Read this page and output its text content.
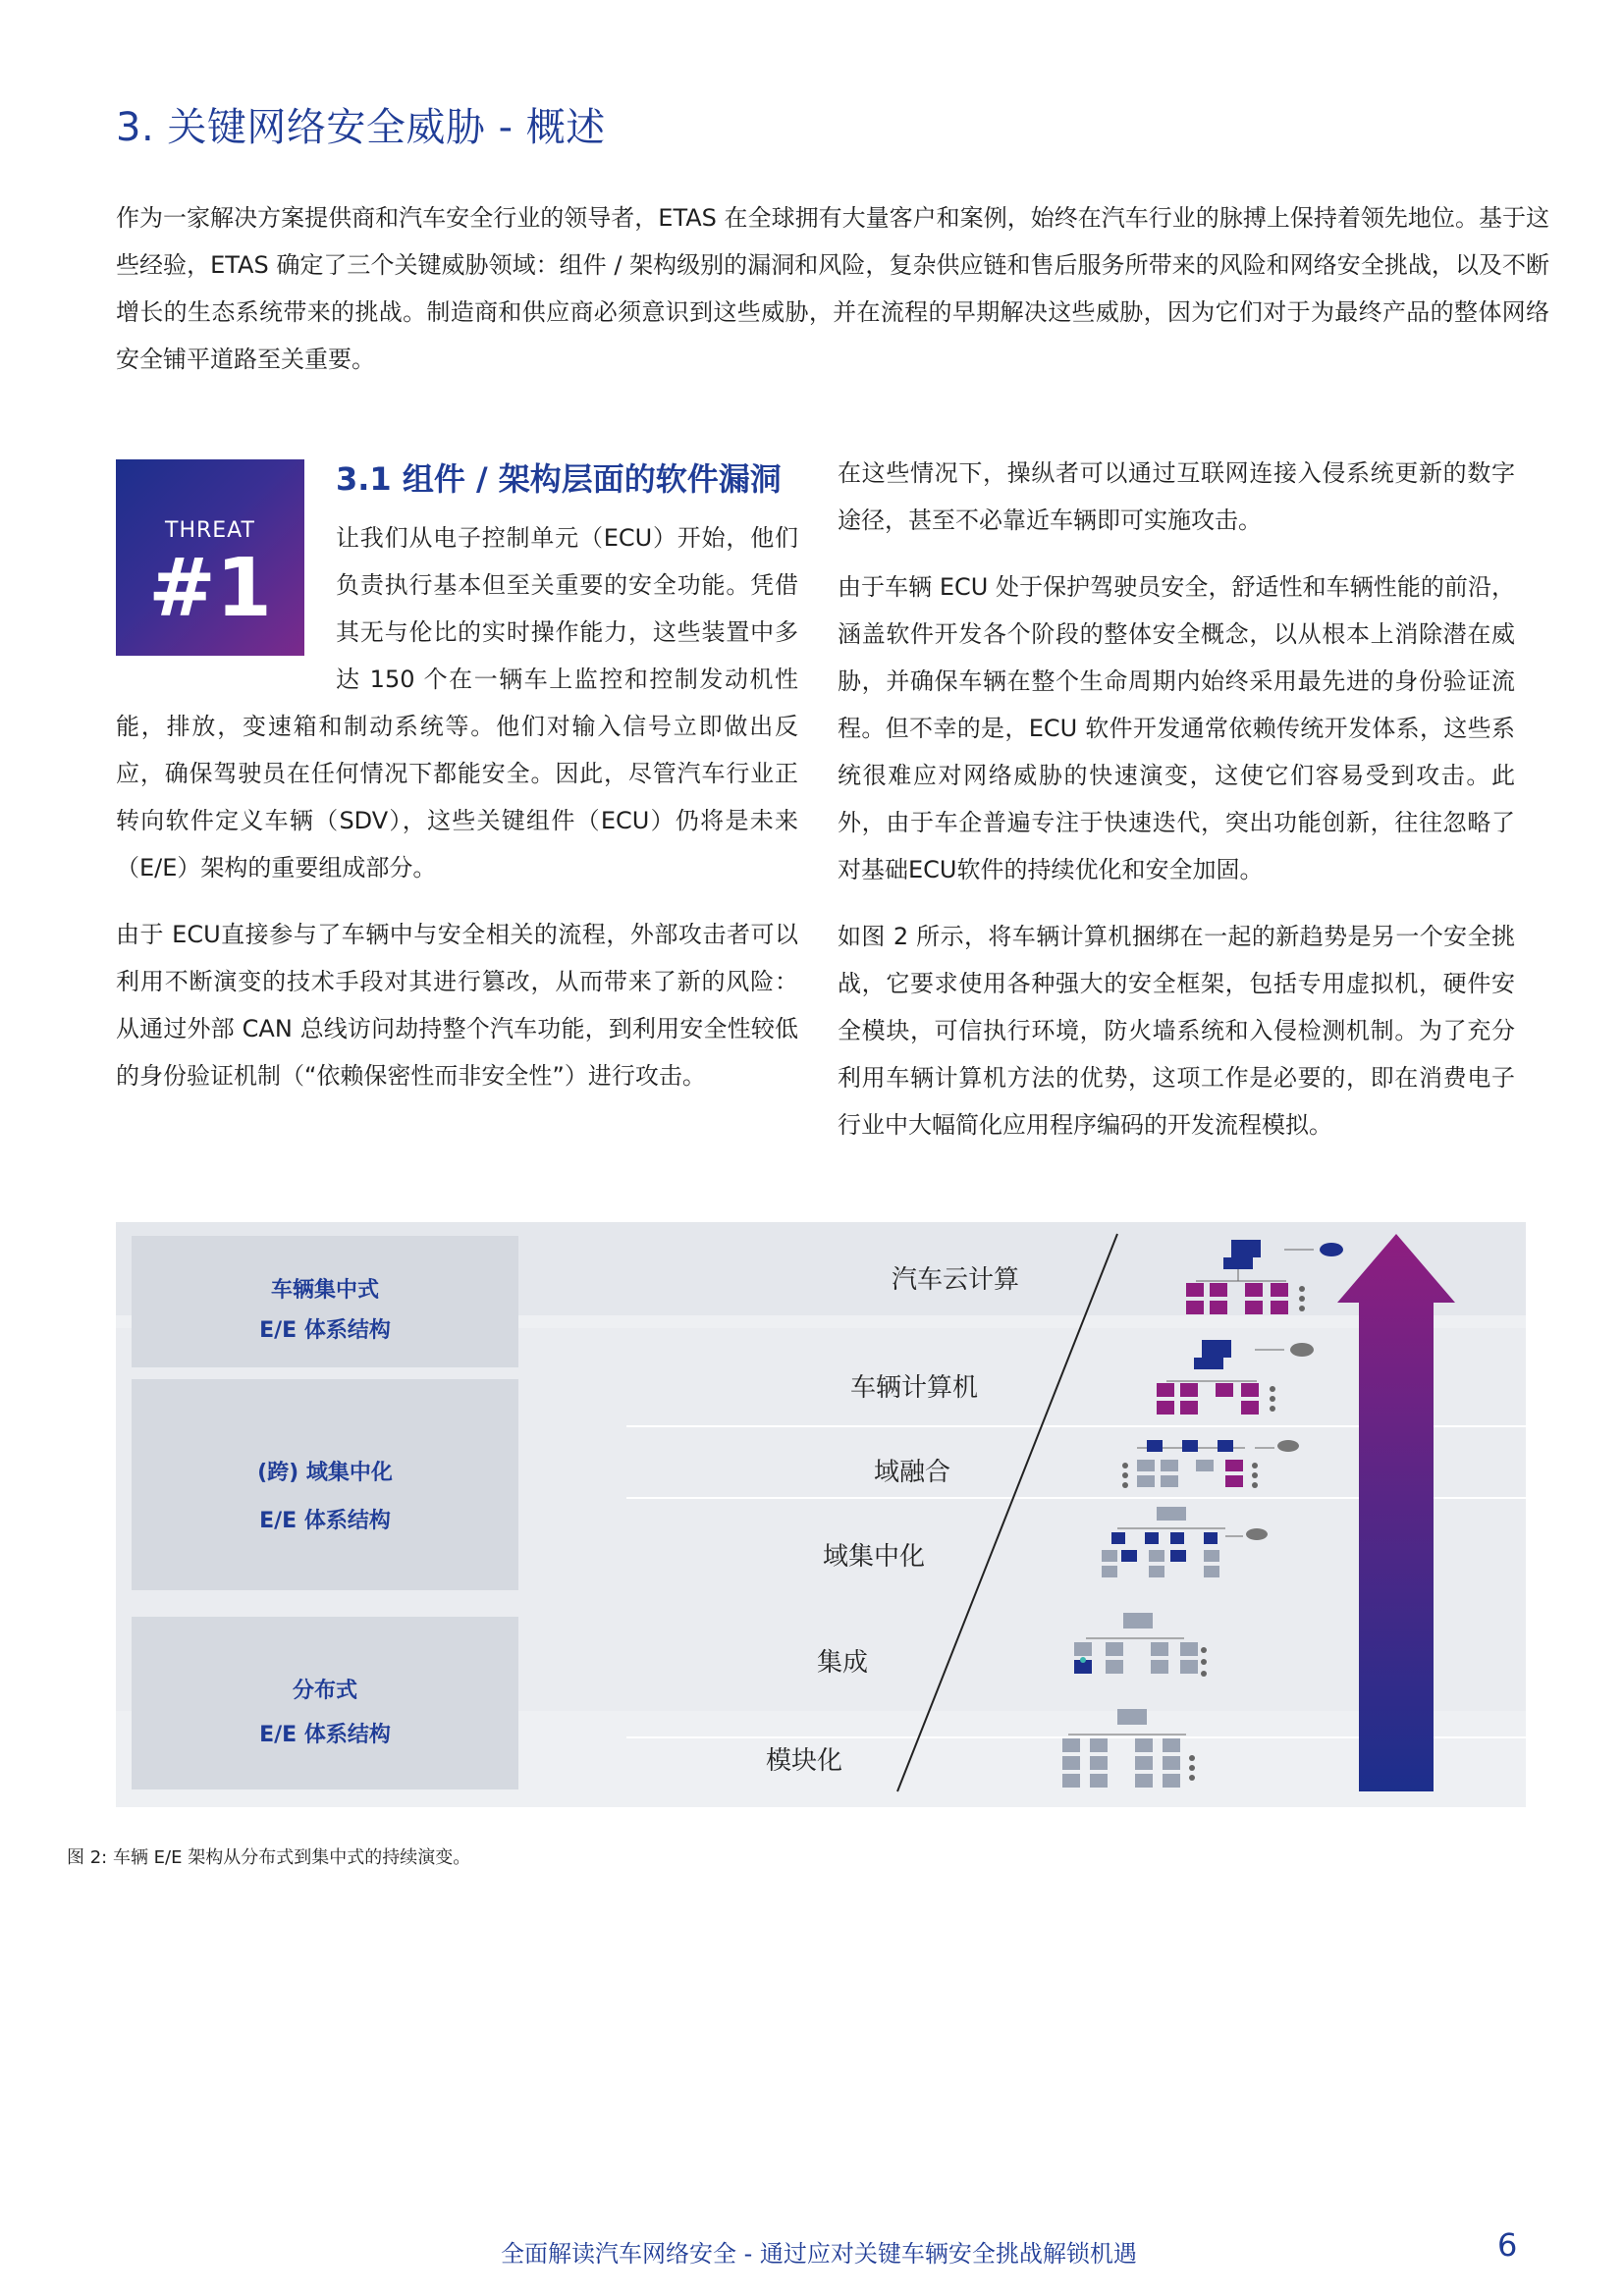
3. 关键网络安全威胁 - 概述

作为一家解决方案提供商和汽车安全行业的领导者，ETAS 在全球拥有大量客户和案例，始终在汽车行业的脉搏上保持着领先地位。基于这些经验，ETAS 确定了三个关键威胁领域：组件 / 架构级别的漏洞和风险，复杂供应链和售后服务所带来的风险和网络安全挑战，以及不断增长的生态系统带来的挑战。制造商和供应商必须意识到这些威胁，并在流程的早期解决这些威胁，因为它们对于为最终产品的整体网络安全铺平道路至关重要。

THREAT
#1
3.1 组件 / 架构层面的软件漏洞

让我们从电子控制单元（ECU）开始，他们负责执行基本但至关重要的安全功能。凭借其无与伦比的实时操作能力，这些装置中多达 150 个在一辆车上监控和控制发动机性能，排放，变速箱和制动系统等。他们对输入信号立即做出反应，确保驾驶员在任何情况下都能安全。因此，尽管汽车行业正转向软件定义车辆（SDV），这些关键组件（ECU）仍将是未来（E/E）架构的重要组成部分。

由于 ECU直接参与了车辆中与安全相关的流程，外部攻击者可以利用不断演变的技术手段对其进行篡改，从而带来了新的风险：从通过外部 CAN 总线访问劫持整个汽车功能，到利用安全性较低的身份验证机制（“依赖保密性而非安全性”）进行攻击。

在这些情况下，操纵者可以通过互联网连接入侵系统更新的数字途径，甚至不必靠近车辆即可实施攻击。

由于车辆 ECU 处于保护驾驶员安全，舒适性和车辆性能的前沿，涵盖软件开发各个阶段的整体安全概念，以从根本上消除潜在威胁，并确保车辆在整个生命周期内始终采用最先进的身份验证流程。但不幸的是，ECU 软件开发通常依赖传统开发体系，这些系统很难应对网络威胁的快速演变，这使它们容易受到攻击。此外，由于车企普遍专注于快速迭代，突出功能创新，往往忽略了对基础ECU软件的持续优化和安全加固。

如图 2 所示，将车辆计算机捆绑在一起的新趋势是另一个安全挑战，它要求使用各种强大的安全框架，包括专用虚拟机，硬件安全模块，可信执行环境，防火墙系统和入侵检测机制。为了充分利用车辆计算机方法的优势，这项工作是必要的，即在消费电子行业中大幅简化应用程序编码的开发流程模拟。

车辆集中式
E/E 体系结构
(跨) 域集中化
E/E 体系结构
分布式
E/E 体系结构
汽车云计算
车辆计算机
域融合
域集中化
集成
模块化

图 2: 车辆 E/E 架构从分布式到集中式的持续演变。

全面解读汽车网络安全 - 通过应对关键车辆安全挑战解锁机遇	6
